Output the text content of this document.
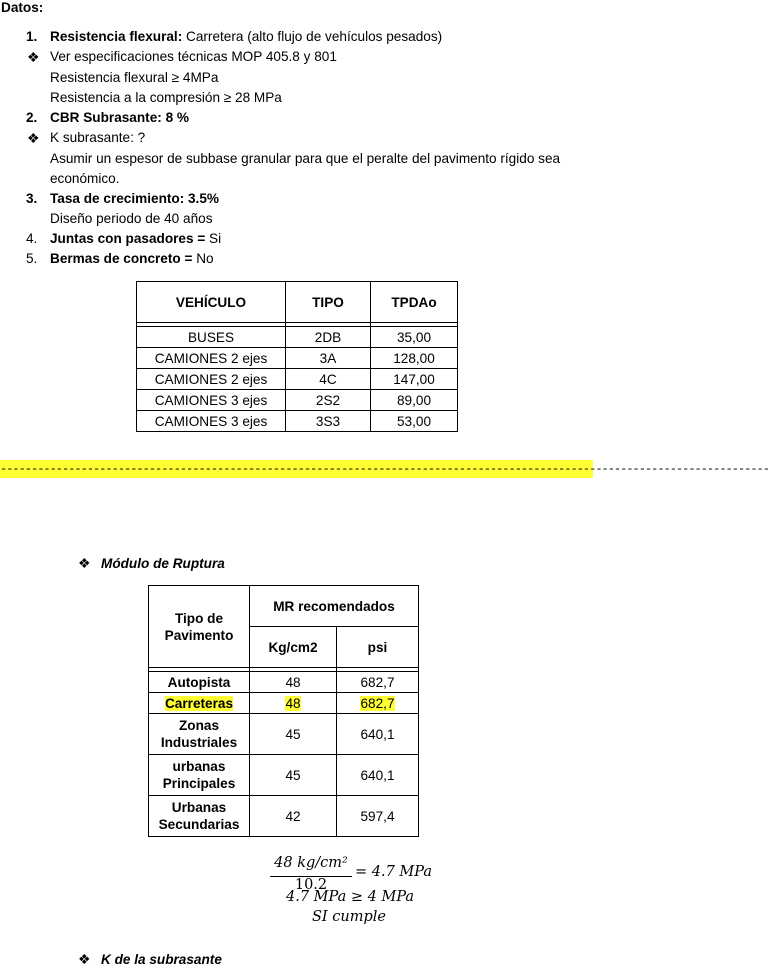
Datos:
1. Resistencia flexural: Carretera (alto flujo de vehículos pesados)
❖ Ver especificaciones técnicas MOP 405.8 y 801
Resistencia flexural ≥ 4MPa
Resistencia a la compresión ≥ 28 MPa
2. CBR Subrasante: 8 %
❖ K subrasante: ?
Asumir un espesor de subbase granular para que el peralte del pavimento rígido sea
económico.
3. Tasa de crecimiento: 3.5%
Diseño periodo de 40 años
4. Juntas con pasadores = Si
5. Bermas de concreto = No
VEHÍCULO	TIPO	TPDAo

BUSES	2DB	35,00
CAMIONES 2 ejes	3A	128,00
CAMIONES 2 ejes	4C	147,00
CAMIONES 3 ejes	2S2	89,00
CAMIONES 3 ejes	3S3	53,00
----------------------------------------------------------------------------------------------------------------------------
❖ Módulo de Ruptura
Tipo de Pavimento	MR recomendados	
	Kg/cm2	psi

Autopista	48	682,7
Carreteras	48	682,7
Zonas Industriales	45	640,1
urbanas Principales	45	640,1
Urbanas Secundarias	42	597,4
48 kg/cm²
10.2
= 4.7 MPa
4.7 MPa ≥ 4 MPa
SI cumple
❖ K de la subrasante
